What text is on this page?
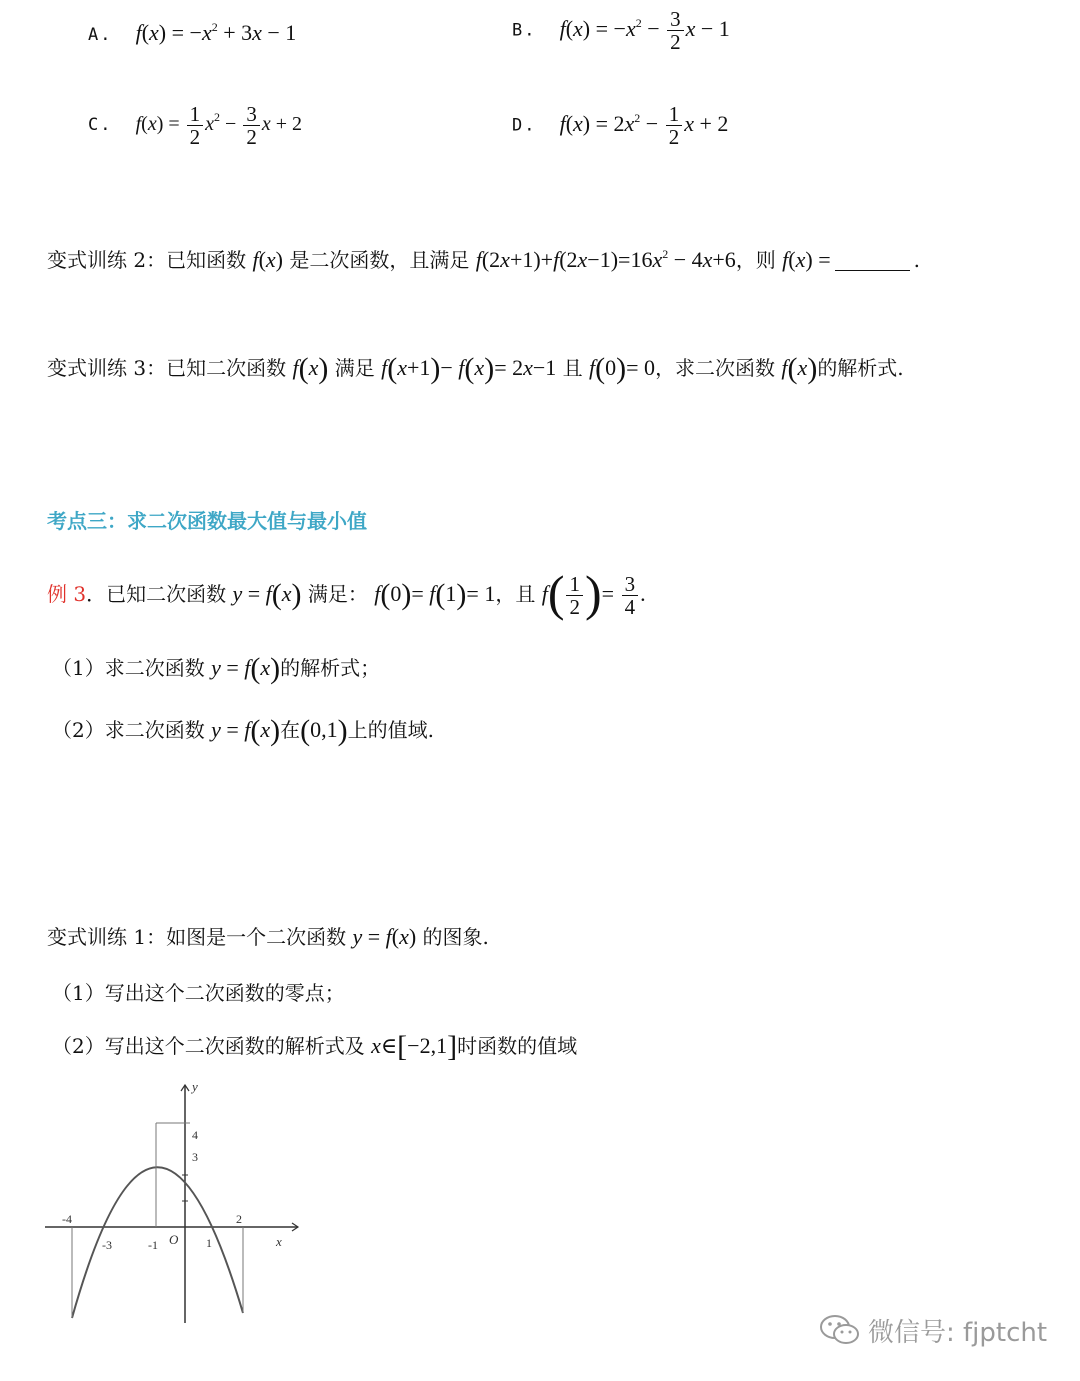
A. $f(x) = -x^2 + 3x - 1$	B. $f(x) = -x^2 - \frac{3}{2}$ x − 1
C. $f(x) = \frac{1}{2} x^2 - \frac{3}{2}$ x + 2	D. $f(x) = 2x^2 - \frac{1}{2}$ x + 2
变式训练 2：已知函数 f(x) 是二次函数，且满足 $f(2x+1)+f(2x-1)=16x^2 - 4x+6$，则 f(x) =	.
变式训练 3：已知二次函数 f(x) 满足 f(x+1)− f(x)= 2x−1 且 f(0)= 0，求二次函数 f(x)的解析式.
考点三：求二次函数最大值与最小值
例 3．已知二次函数 y = f(x) 满足： f(0)= f(1)= 1，且 $f( \frac{1}{2}$ )= $\frac{3}{4}$ .
（1）求二次函数 y = f(x)的解析式；
（2）求二次函数 y = f(x)在(0,1)上的值域.
变式训练 1：如图是一个二次函数 y = f(x) 的图象.
（1）写出这个二次函数的零点；
（2）写出这个二次函数的解析式及 x∈[−2,1]时函数的值域
x
y
O
-4
-3	-1	1
2
4
3
微信号: fjptcht
